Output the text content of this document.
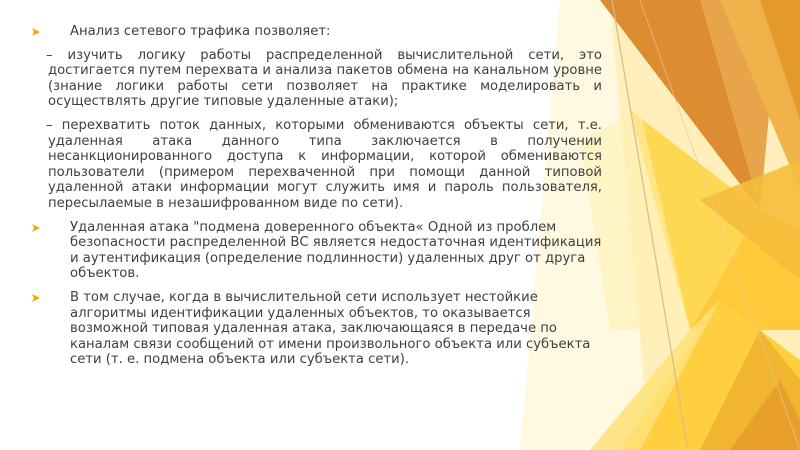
Анализ сетевого трафика позволяет:
– изучить логику работы распределенной вычислительной сети, это достигается путем перехвата и анализа пакетов обмена на канальном уровне (знание логики работы сети позволяет на практике моделировать и осуществлять другие типовые удаленные атаки);
– перехватить поток данных, которыми обмениваются объекты сети, т.е. удаленная атака данного типа заключается в получении несанкционированного доступа к информации, которой обмениваются пользователи (примером перехваченной при помощи данной типовой удаленной атаки информации могут служить имя и пароль пользователя, пересылаемые в незашифрованном виде по сети).
Удаленная атака "подмена доверенного объекта« Одной из проблем безопасности распределенной ВС является недостаточная идентификация и аутентификация (определение подлинности) удаленных друг от друга объектов.
В том случае, когда в вычислительной сети использует нестойкие алгоритмы идентификации удаленных объектов, то оказывается возможной типовая удаленная атака, заключающаяся в передаче по каналам связи сообщений от имени произвольного объекта или субъекта сети (т. е. подмена объекта или субъекта сети).
